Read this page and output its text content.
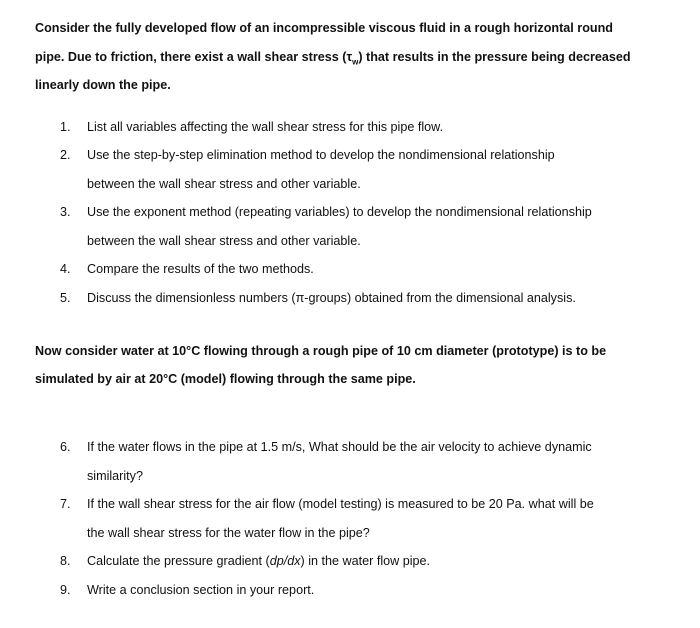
Consider the fully developed flow of an incompressible viscous fluid in a rough horizontal round
pipe. Due to friction, there exist a wall shear stress $(\tau_w)$ that results in the pressure being decreased
linearly down the pipe.
1. List all variables affecting the wall shear stress for this pipe flow.
2. Use the step-by-step elimination method to develop the nondimensional relationship
between the wall shear stress and other variable.
3. Use the exponent method (repeating variables) to develop the nondimensional relationship
between the wall shear stress and other variable.
4. Compare the results of the two methods.
5. Discuss the dimensionless numbers (π-groups) obtained from the dimensional analysis.
Now consider water at 10°C flowing through a rough pipe of 10 cm diameter (prototype) is to be
simulated by air at 20°C (model) flowing through the same pipe.
6. If the water flows in the pipe at 1.5 m/s, What should be the air velocity to achieve dynamic
similarity?
7. If the wall shear stress for the air flow (model testing) is measured to be 20 Pa. what will be
the wall shear stress for the water flow in the pipe?
8. Calculate the pressure gradient (dp/dx) in the water flow pipe.
9. Write a conclusion section in your report.
